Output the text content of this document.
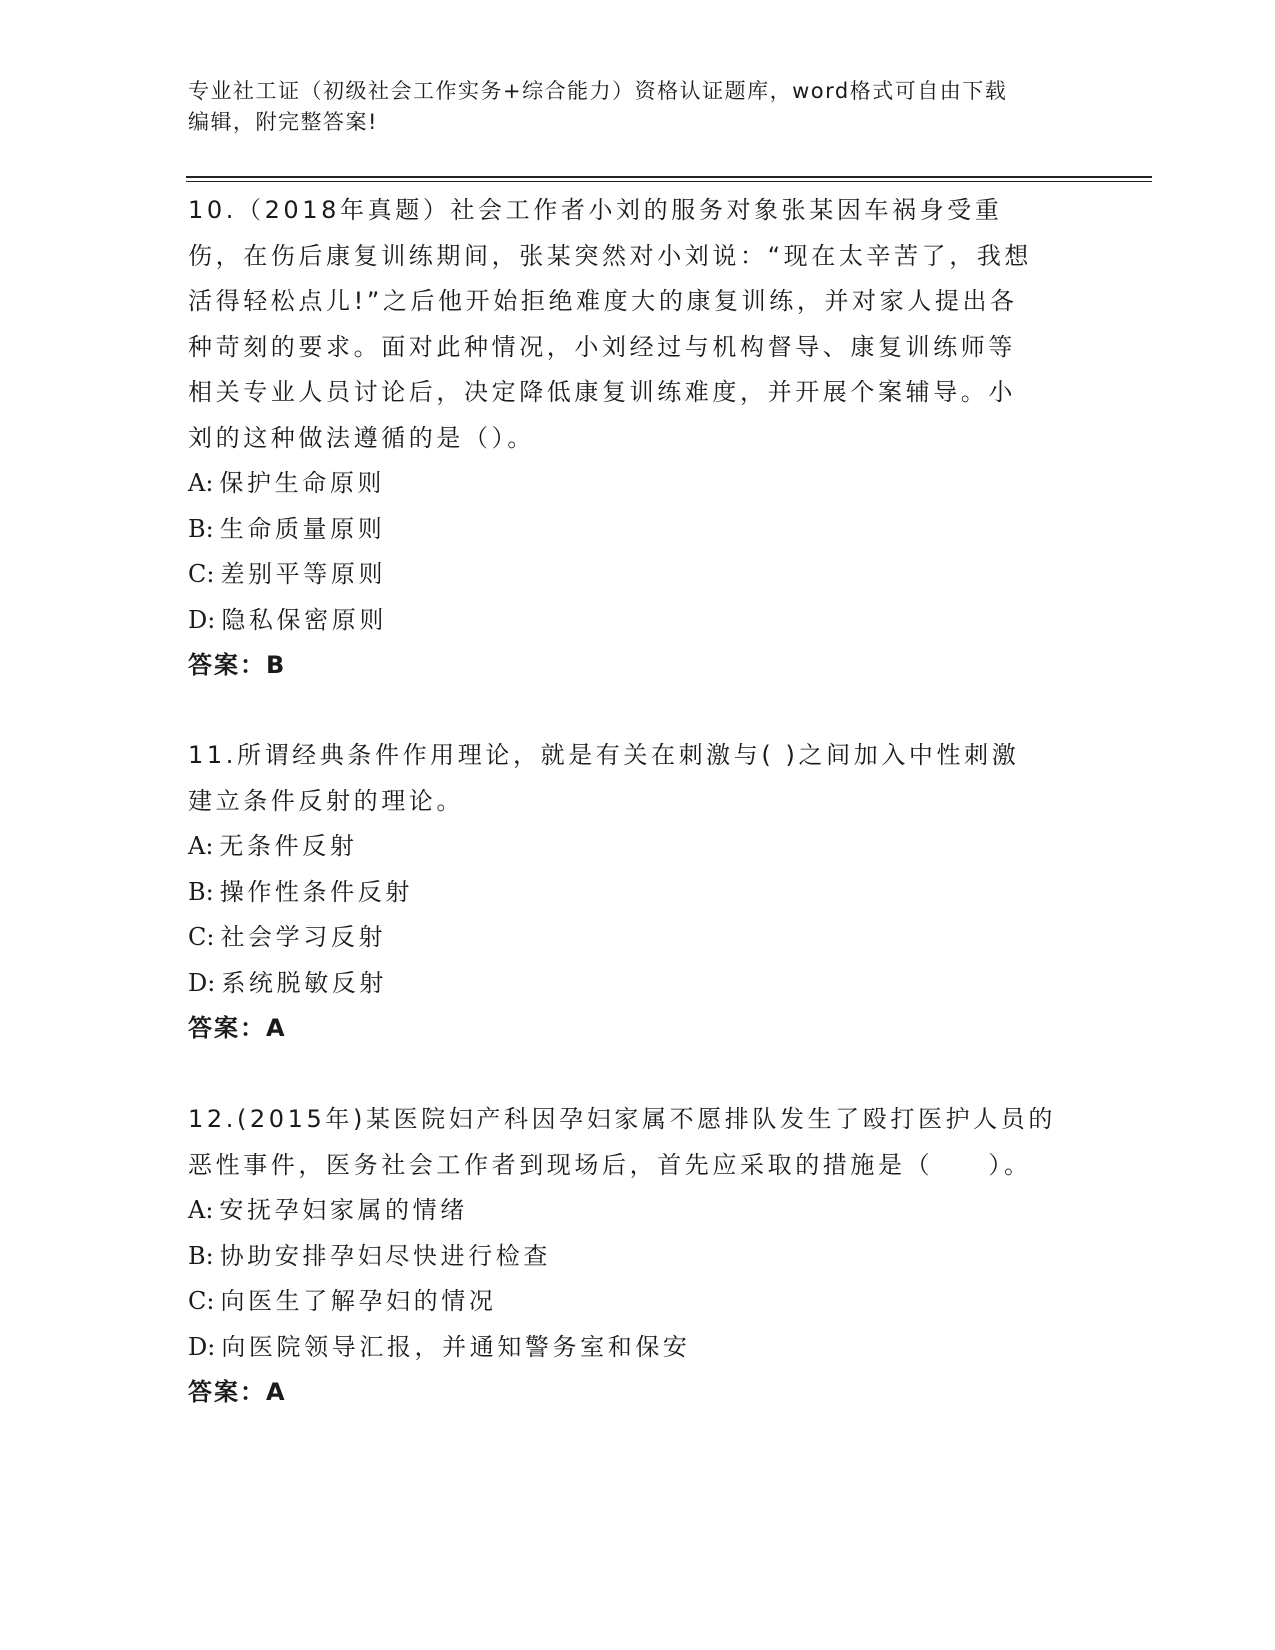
专业社工证（初级社会工作实务+综合能力）资格认证题库，word格式可自由下载
编辑，附完整答案!

10.（2018年真题）社会工作者小刘的服务对象张某因车祸身受重伤，在伤后康复训练期间，张某突然对小刘说：“现在太辛苦了，我想活得轻松点儿!”之后他开始拒绝难度大的康复训练，并对家人提出各种苛刻的要求。面对此种情况，小刘经过与机构督导、康复训练师等相关专业人员讨论后，决定降低康复训练难度，并开展个案辅导。小刘的这种做法遵循的是（）。

A: 保护生命原则
B: 生命质量原则
C: 差别平等原则
D: 隐私保密原则

答案：B

11.所谓经典条件作用理论，就是有关在刺激与( )之间加入中性刺激建立条件反射的理论。

A: 无条件反射
B: 操作性条件反射
C: 社会学习反射
D: 系统脱敏反射

答案：A

12.(2015年)某医院妇产科因孕妇家属不愿排队发生了殴打医护人员的恶性事件，医务社会工作者到现场后，首先应采取的措施是（　　）。

A: 安抚孕妇家属的情绪
B: 协助安排孕妇尽快进行检查
C: 向医生了解孕妇的情况
D: 向医院领导汇报，并通知警务室和保安

答案：A
